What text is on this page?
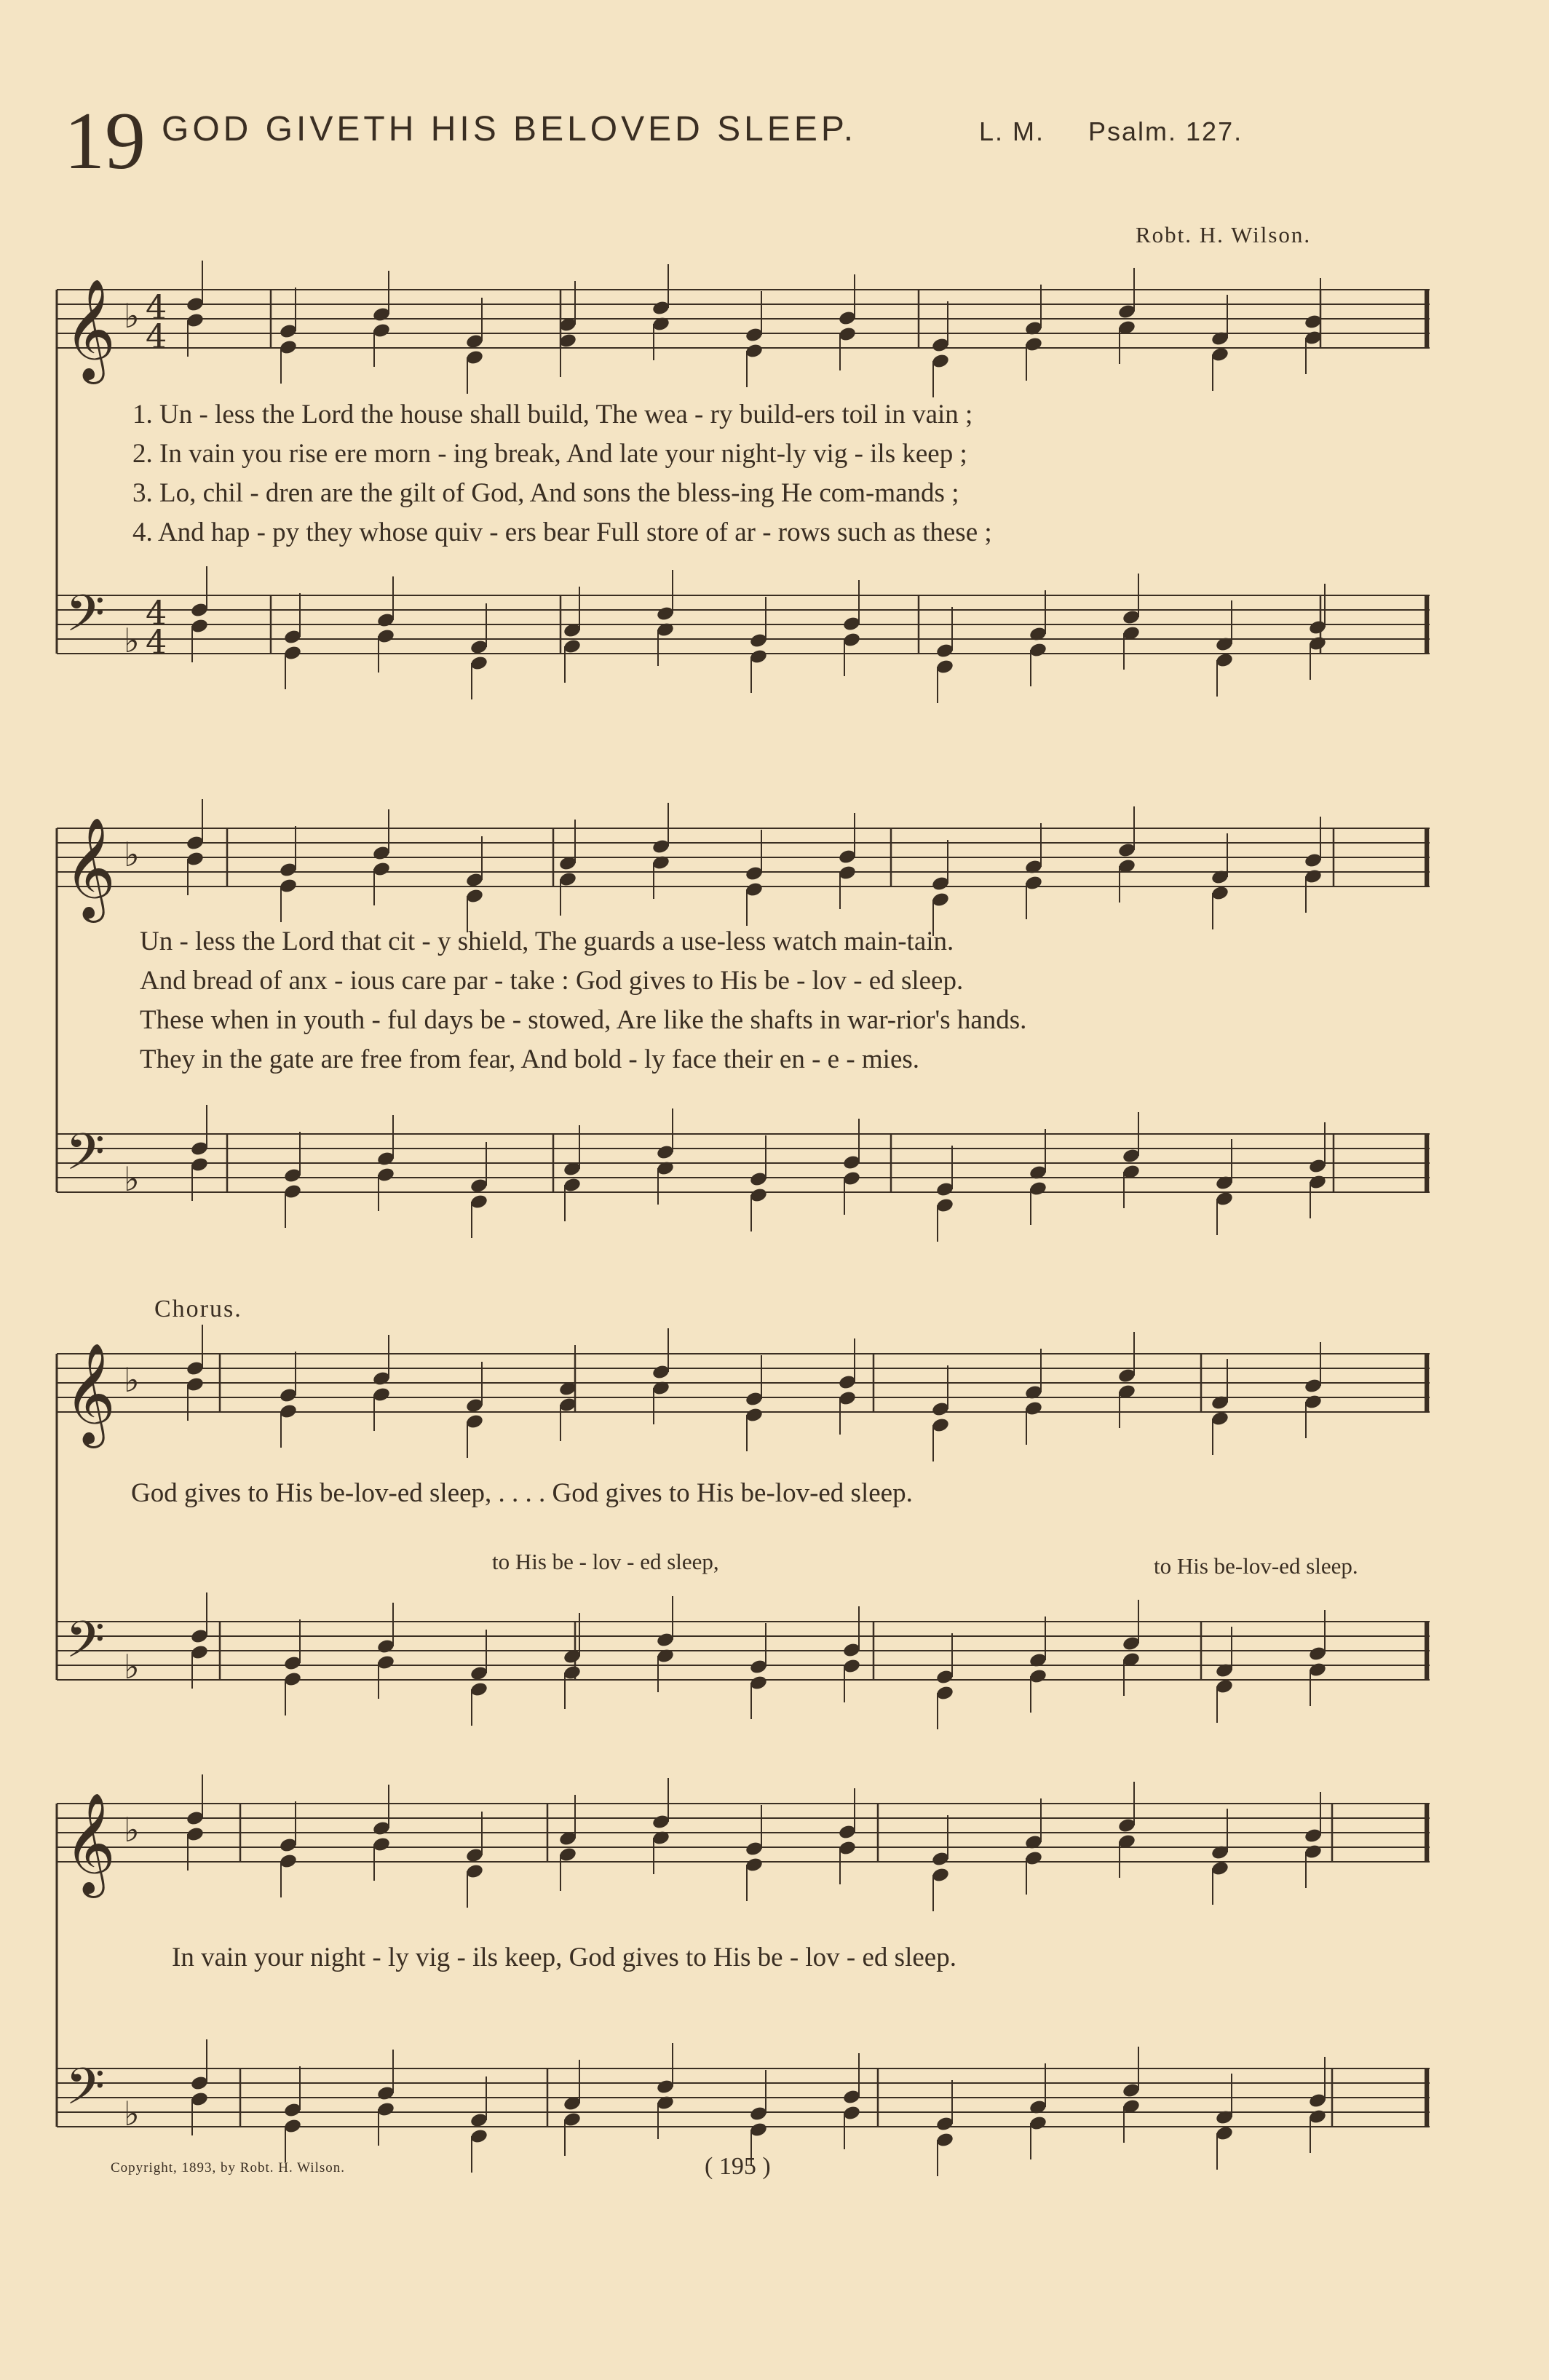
19 GOD GIVETH HIS BELOVED SLEEP.	L. M. Psalm. 127.
Robt. H. Wilson.
𝄞
𝄢
♭
♭
4
4
4
4
𝄞
𝄢
♭
♭
𝄞
𝄢
♭
♭
𝄞
𝄢
♭
♭
1. Un - less the Lord the house shall build, The wea - ry build-ers toil in vain ;
2. In vain you rise ere morn - ing break, And late your night-ly vig - ils keep ;
3. Lo, chil - dren are the gilt of God, And sons the bless-ing He com-mands ;
4. And hap - py they whose quiv - ers bear Full store of ar - rows such as these ;
Un - less the Lord that cit - y shield, The guards a use-less watch main-tain.
And bread of anx - ious care par - take : God gives to His be - lov - ed sleep.
These when in youth - ful days be - stowed, Are like the shafts in war-rior's hands.
They in the gate are free from fear, And bold - ly face their en - e - mies.
Chorus.
God gives to His be-lov-ed sleep, . . . . God gives to His be-lov-ed sleep.
to His be - lov - ed sleep,	to His be-lov-ed sleep.
In vain your night - ly vig - ils keep, God gives to His be - lov - ed sleep.
Copyright, 1893, by Robt. H. Wilson.	( 195 )
